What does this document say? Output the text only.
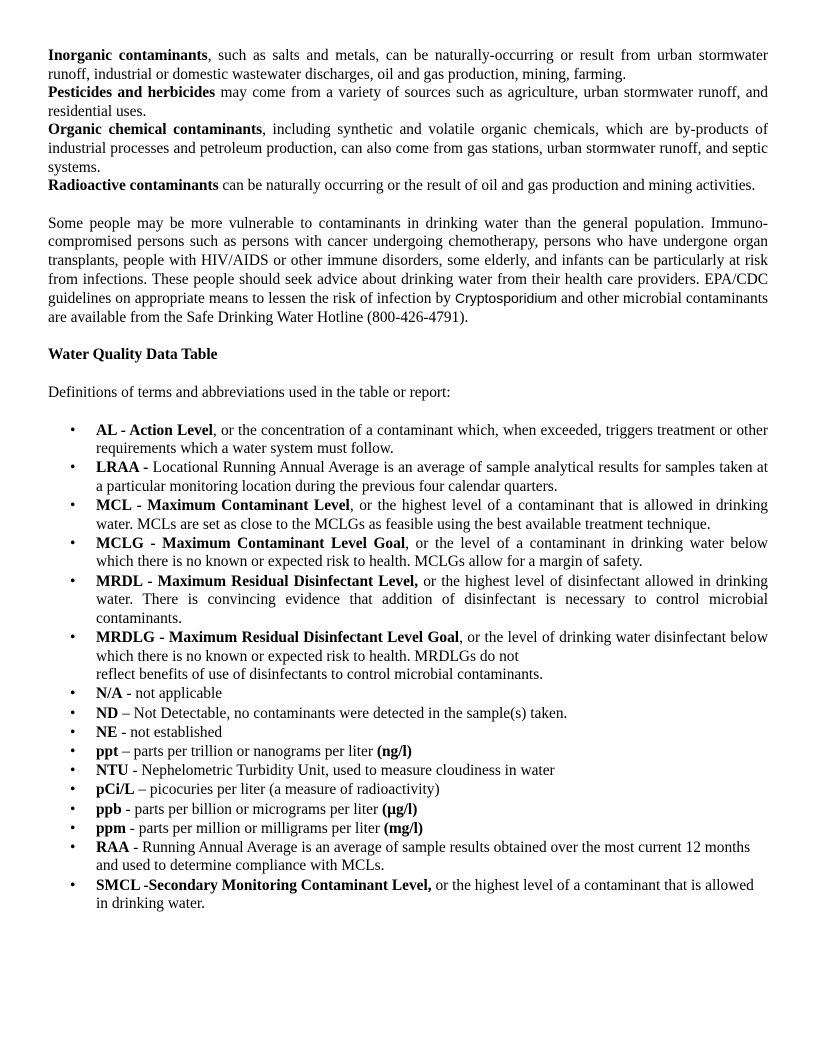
Inorganic contaminants, such as salts and metals, can be naturally-occurring or result from urban stormwater runoff, industrial or domestic wastewater discharges, oil and gas production, mining, farming.

Pesticides and herbicides may come from a variety of sources such as agriculture, urban stormwater runoff, and residential uses.

Organic chemical contaminants, including synthetic and volatile organic chemicals, which are by-products of industrial processes and petroleum production, can also come from gas stations, urban stormwater runoff, and septic systems.

Radioactive contaminants can be naturally occurring or the result of oil and gas production and mining activities.

Some people may be more vulnerable to contaminants in drinking water than the general population. Immuno-compromised persons such as persons with cancer undergoing chemotherapy, persons who have undergone organ transplants, people with HIV/AIDS or other immune disorders, some elderly, and infants can be particularly at risk from infections. These people should seek advice about drinking water from their health care providers. EPA/CDC guidelines on appropriate means to lessen the risk of infection by Cryptosporidium and other microbial contaminants are available from the Safe Drinking Water Hotline (800-426-4791).

Water Quality Data Table

Definitions of terms and abbreviations used in the table or report:

• AL - Action Level, or the concentration of a contaminant which, when exceeded, triggers treatment or other requirements which a water system must follow.
• LRAA - Locational Running Annual Average is an average of sample analytical results for samples taken at a particular monitoring location during the previous four calendar quarters.
• MCL - Maximum Contaminant Level, or the highest level of a contaminant that is allowed in drinking water. MCLs are set as close to the MCLGs as feasible using the best available treatment technique.
• MCLG - Maximum Contaminant Level Goal, or the level of a contaminant in drinking water below which there is no known or expected risk to health. MCLGs allow for a margin of safety.
• MRDL - Maximum Residual Disinfectant Level, or the highest level of disinfectant allowed in drinking water. There is convincing evidence that addition of disinfectant is necessary to control microbial contaminants.
• MRDLG - Maximum Residual Disinfectant Level Goal, or the level of drinking water disinfectant below which there is no known or expected risk to health. MRDLGs do not
reflect benefits of use of disinfectants to control microbial contaminants.
• N/A - not applicable
• ND – Not Detectable, no contaminants were detected in the sample(s) taken.
• NE - not established
• ppt – parts per trillion or nanograms per liter (ng/l)
• NTU - Nephelometric Turbidity Unit, used to measure cloudiness in water
• pCi/L – picocuries per liter (a measure of radioactivity)
• ppb - parts per billion or micrograms per liter (µg/l)
• ppm - parts per million or milligrams per liter (mg/l)
• RAA - Running Annual Average is an average of sample results obtained over the most current 12 months and used to determine compliance with MCLs.
• SMCL -Secondary Monitoring Contaminant Level, or the highest level of a contaminant that is allowed in drinking water.
